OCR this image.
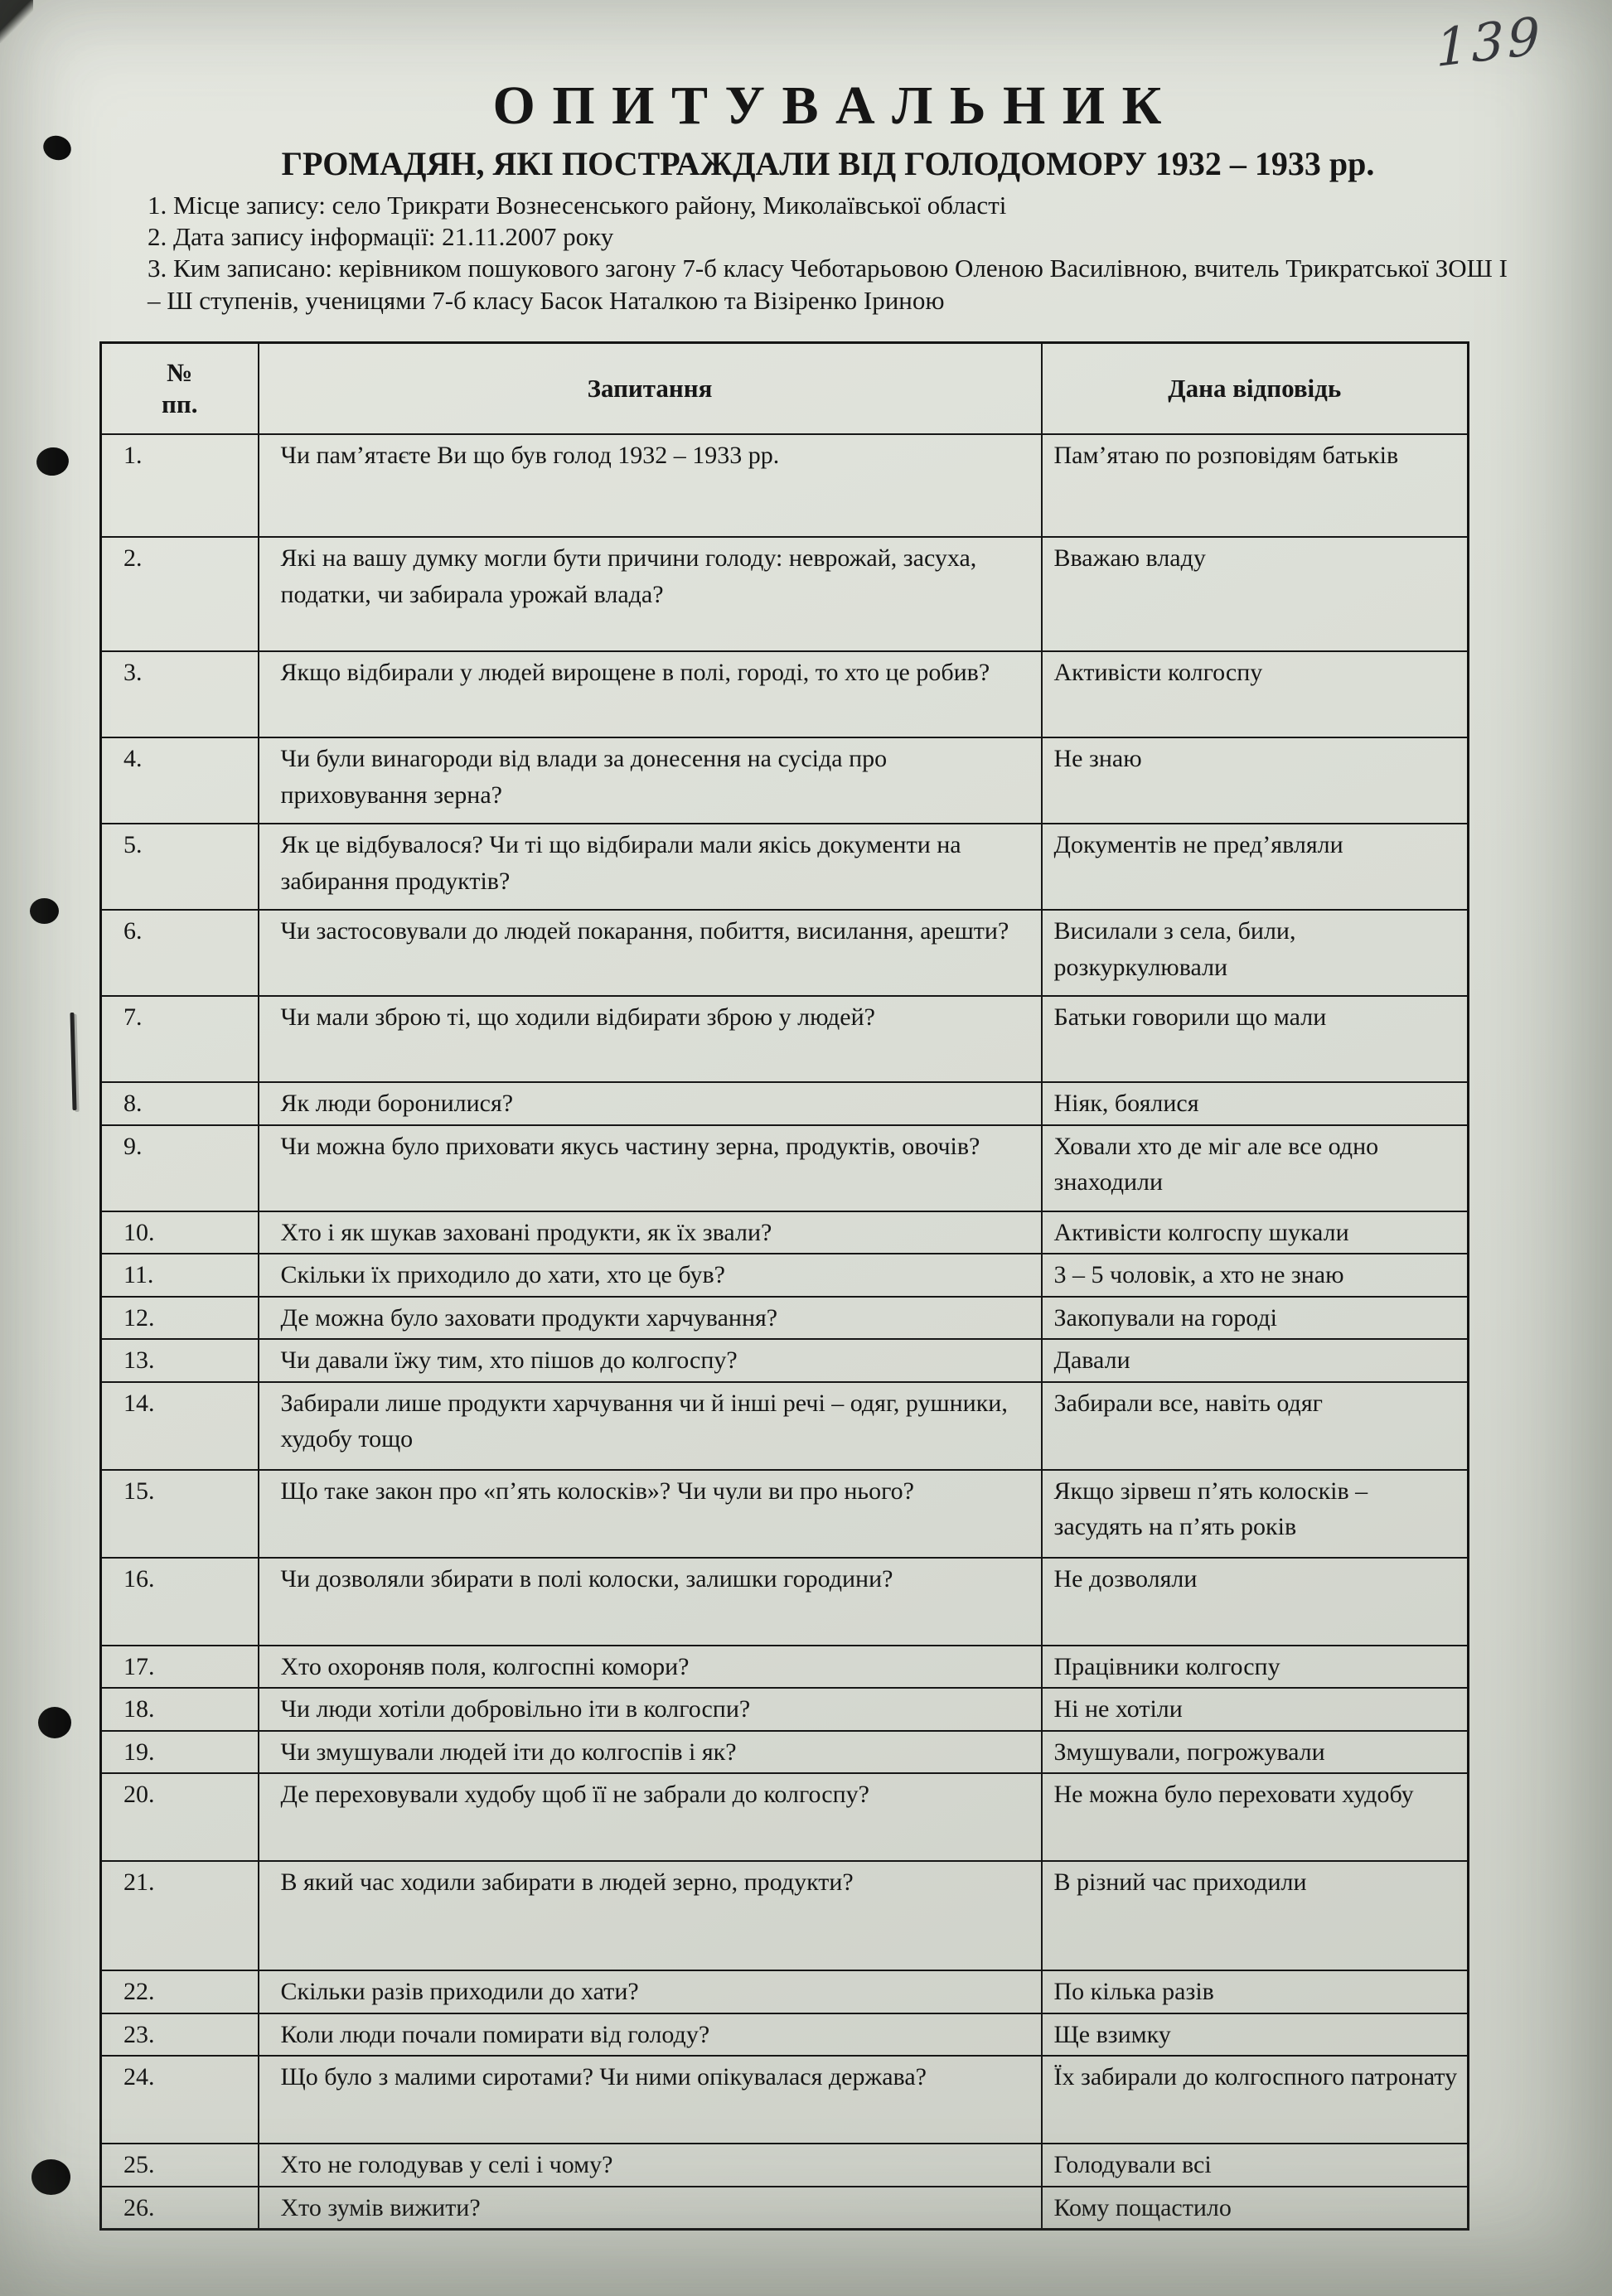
139
О П И Т У В А Л Ь Н И К
ГРОМАДЯН, ЯКІ ПОСТРАЖДАЛИ ВІД ГОЛОДОМОРУ 1932 – 1933 рр.

1. Місце запису: село Трикрати Вознесенського району, Миколаївської області

2. Дата запису інформації: 21.11.2007 року

3. Ким записано: керівником пошукового загону 7-б класу Чеботарьовою Оленою Василівною, вчитель Трикратської ЗОШ І – Ш ступенів, ученицями 7-б класу Басок Наталкою та Візіренко Іриною

№
пп.	Запитання	Дана відповідь
1.	Чи пам’ятаєте Ви що був голод 1932 – 1933 рр.	Пам’ятаю по розповідям батьків
2.	Які на вашу думку могли бути причини голоду: неврожай, засуха, податки, чи забирала урожай влада?	Вважаю владу
3.	Якщо відбирали у людей вирощене в полі, городі, то хто це робив?	Активісти колгоспу
4.	Чи були винагороди від влади за донесення на сусіда про приховування зерна?	Не знаю
5.	Як це відбувалося? Чи ті що відбирали мали якісь документи на забирання продуктів?	Документів не пред’являли
6.	Чи застосовували до людей покарання, побиття, висилання, арешти?	Висилали з села, били, розкуркулювали
7.	Чи мали зброю ті, що ходили відбирати зброю у людей?	Батьки говорили що мали
8.	Як люди боронилися?	Ніяк, боялися
9.	Чи можна було приховати якусь частину зерна, продуктів, овочів?	Ховали хто де міг але все одно знаходили
10.	Хто і як шукав заховані продукти, як їх звали?	Активісти колгоспу шукали
11.	Скільки їх приходило до хати, хто це був?	3 – 5 чоловік, а хто не знаю
12.	Де можна було заховати продукти харчування?	Закопували на городі
13.	Чи давали їжу тим, хто пішов до колгоспу?	Давали
14.	Забирали лише продукти харчування чи й інші речі – одяг, рушники, худобу тощо	Забирали все, навіть одяг
15.	Що таке закон про «п’ять колосків»? Чи чули ви про нього?	Якщо зірвеш п’ять колосків – засудять на п’ять років
16.	Чи дозволяли збирати в полі колоски, залишки городини?	Не дозволяли
17.	Хто охороняв поля, колгоспні комори?	Працівники колгоспу
18.	Чи люди хотіли добровільно іти в колгоспи?	Ні не хотіли
19.	Чи змушували людей іти до колгоспів і як?	Змушували, погрожували
20.	Де переховували худобу щоб її не забрали до колгоспу?	Не можна було переховати худобу
21.	В який час ходили забирати в людей зерно, продукти?	В різний час приходили
22.	Скільки разів приходили до хати?	По кілька разів
23.	Коли люди почали помирати від голоду?	Ще взимку
24.	Що було з малими сиротами? Чи ними опікувалася держава?	Їх забирали до колгоспного патронату
25.	Хто не голодував у селі і чому?	Голодували всі
26.	Хто зумів вижити?	Кому пощастило
